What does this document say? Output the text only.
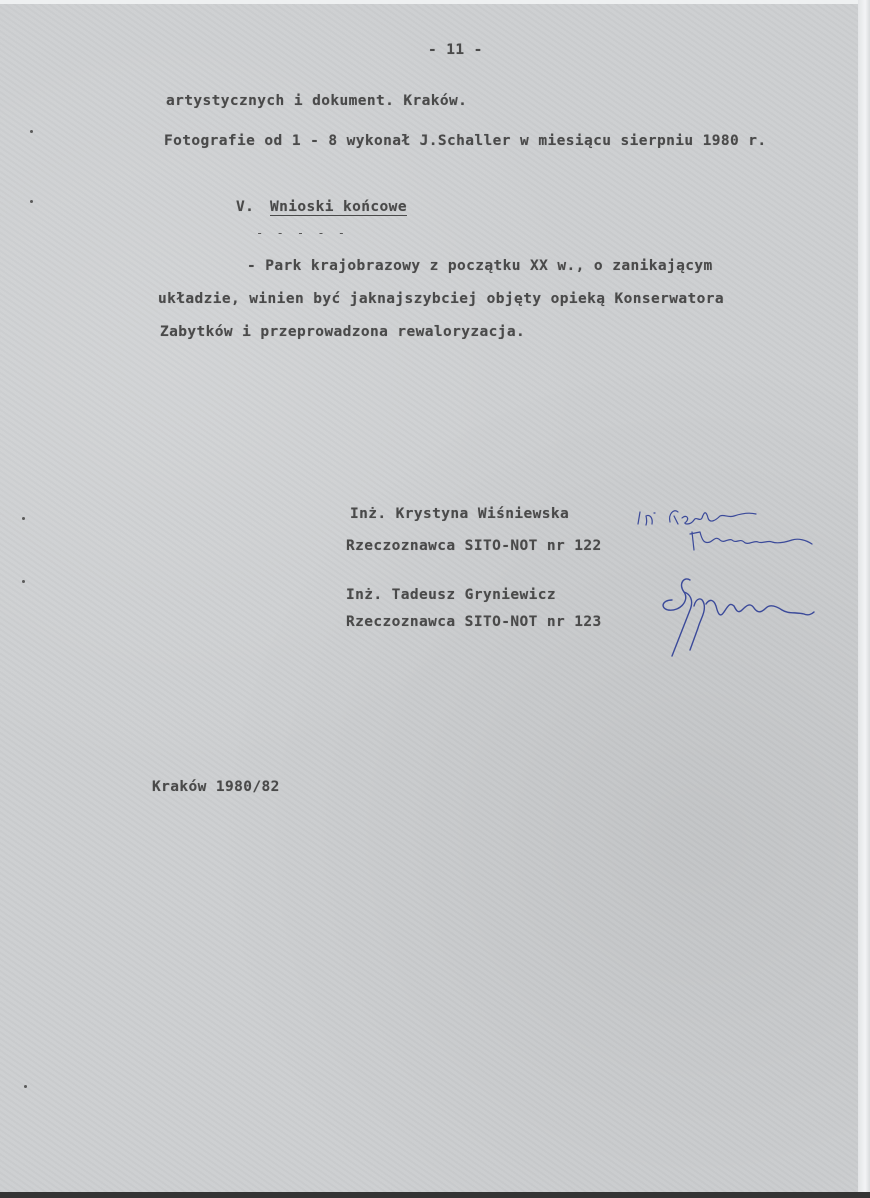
- 11 -
artystycznych i dokument. Kraków.
Fotografie od 1 - 8 wykonał J.Schaller w miesiącu sierpniu 1980 r.
V. Wnioski końcowe
- - - - -
- Park krajobrazowy z początku XX w., o zanikającym
układzie, winien być jaknajszybciej objęty opieką Konserwatora
Zabytków i przeprowadzona rewaloryzacja.
Inż. Krystyna Wiśniewska
Rzeczoznawca SITO-NOT nr 122
Inż. Tadeusz Gryniewicz
Rzeczoznawca SITO-NOT nr 123
Kraków 1980/82
